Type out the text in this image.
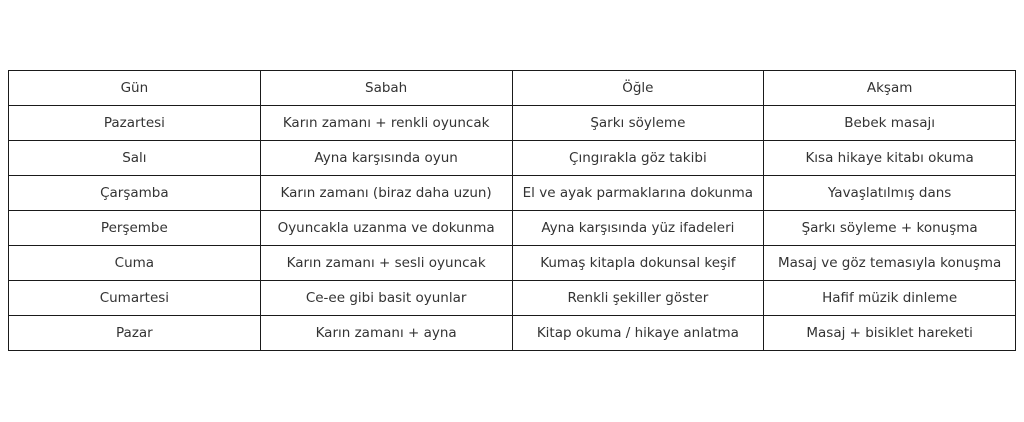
Gün	Sabah	Öğle	Akşam
Pazartesi	Karın zamanı + renkli oyuncak	Şarkı söyleme	Bebek masajı
Salı	Ayna karşısında oyun	Çıngırakla göz takibi	Kısa hikaye kitabı okuma
Çarşamba	Karın zamanı (biraz daha uzun)	El ve ayak parmaklarına dokunma	Yavaşlatılmış dans
Perşembe	Oyuncakla uzanma ve dokunma	Ayna karşısında yüz ifadeleri	Şarkı söyleme + konuşma
Cuma	Karın zamanı + sesli oyuncak	Kumaş kitapla dokunsal keşif	Masaj ve göz temasıyla konuşma
Cumartesi	Ce-ee gibi basit oyunlar	Renkli şekiller göster	Hafif müzik dinleme
Pazar	Karın zamanı + ayna	Kitap okuma / hikaye anlatma	Masaj + bisiklet hareketi
